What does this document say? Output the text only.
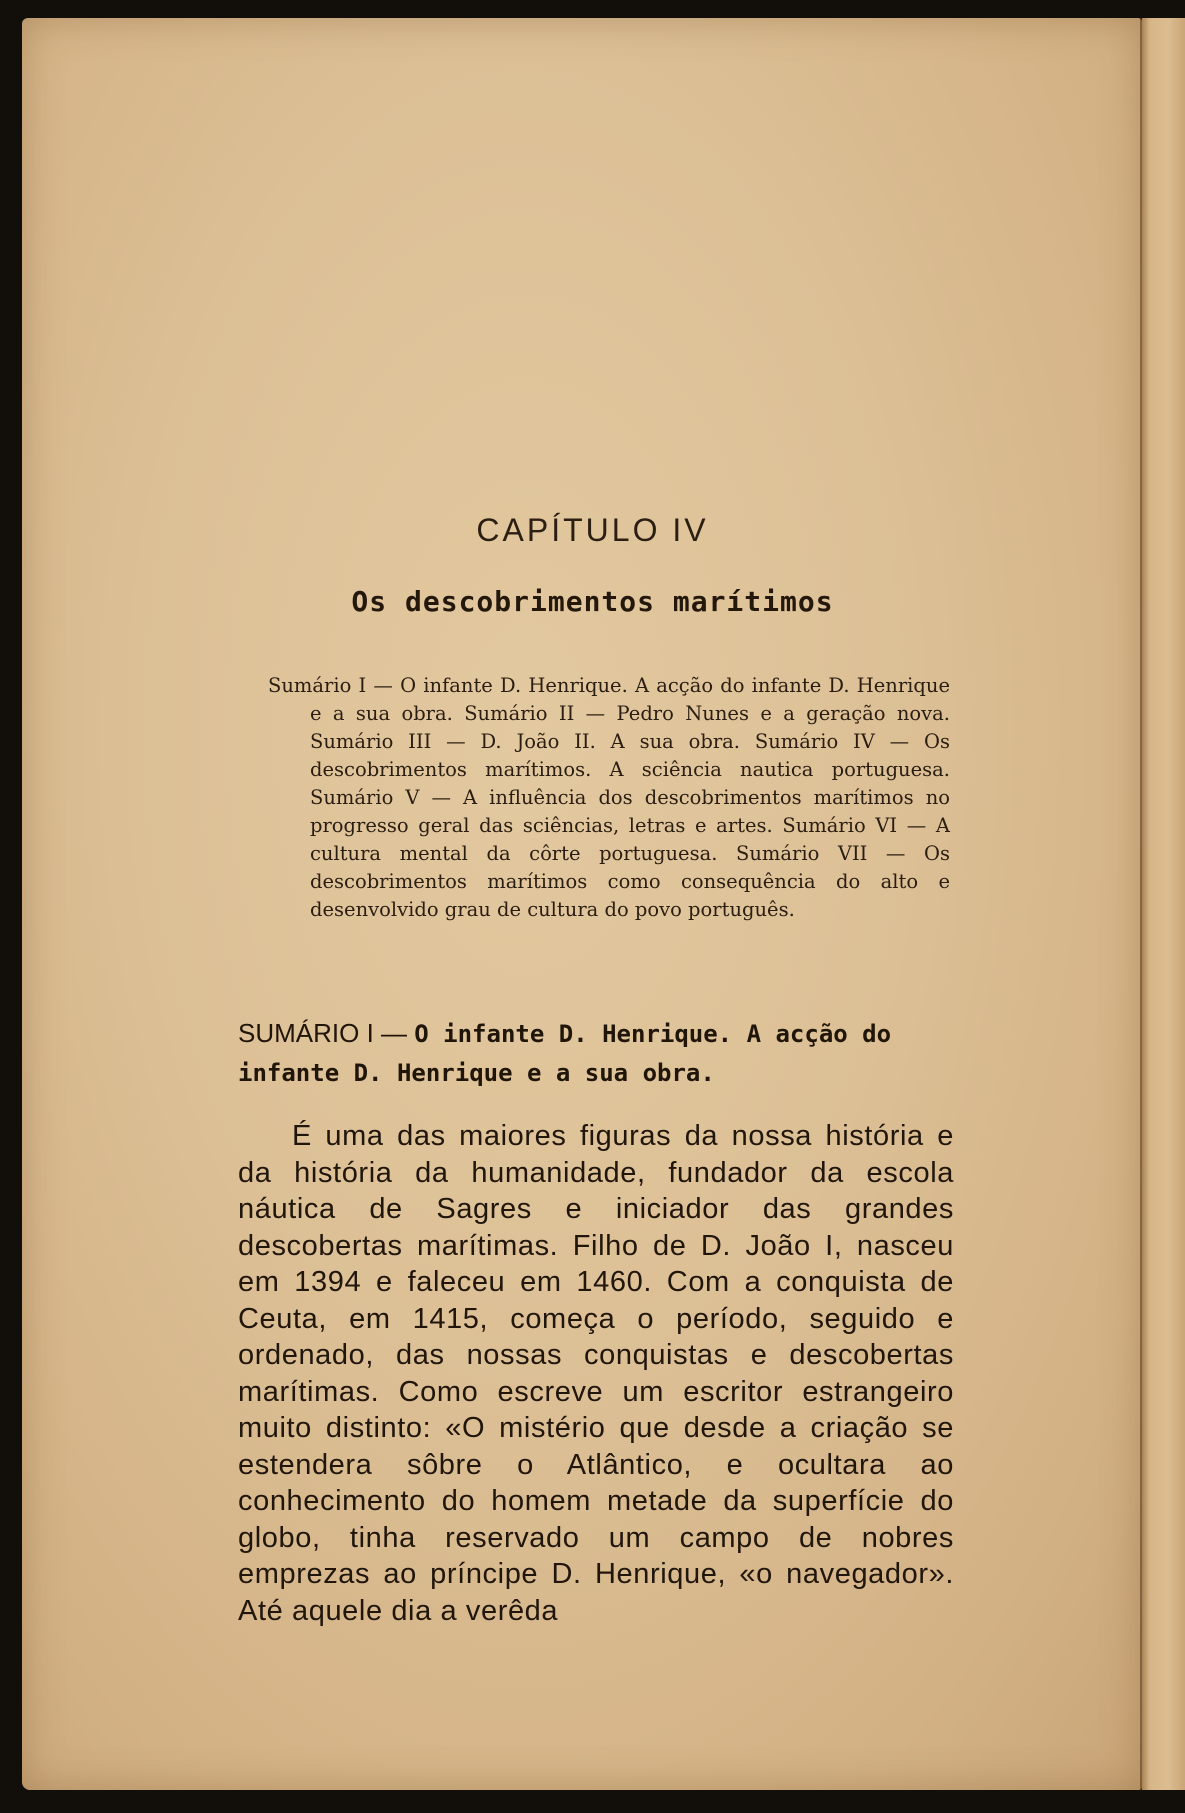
CAPÍTULO IV
Os descobrimentos marítimos

Sumário I — O infante D. Henrique. A acção do infante D. Henrique e a sua obra. Sumário II — Pedro Nunes e a geração nova. Sumário III — D. João II. A sua obra. Sumário IV — Os descobrimentos marítimos. A sciência nautica portuguesa. Sumário V — A influência dos descobrimentos marítimos no progresso geral das sciências, letras e artes. Sumário VI — A cultura mental da côrte portuguesa. Sumário VII — Os descobrimentos marítimos como consequência do alto e desenvolvido grau de cultura do povo português.

SUMÁRIO I — O infante D. Henrique. A acção do infante D. Henrique e a sua obra.

É uma das maiores figuras da nossa história e da história da humanidade, fundador da escola náutica de Sagres e iniciador das grandes descobertas marítimas. Filho de D. João I, nasceu em 1394 e faleceu em 1460. Com a conquista de Ceuta, em 1415, começa o período, seguido e ordenado, das nossas conquistas e descobertas marítimas. Como escreve um escritor estrangeiro muito distinto: «O mistério que desde a criação se estendera sôbre o Atlântico, e ocultara ao conhecimento do homem metade da superfície do globo, tinha reservado um campo de nobres emprezas ao príncipe D. Henrique, «o navegador». Até aquele dia a verêda
